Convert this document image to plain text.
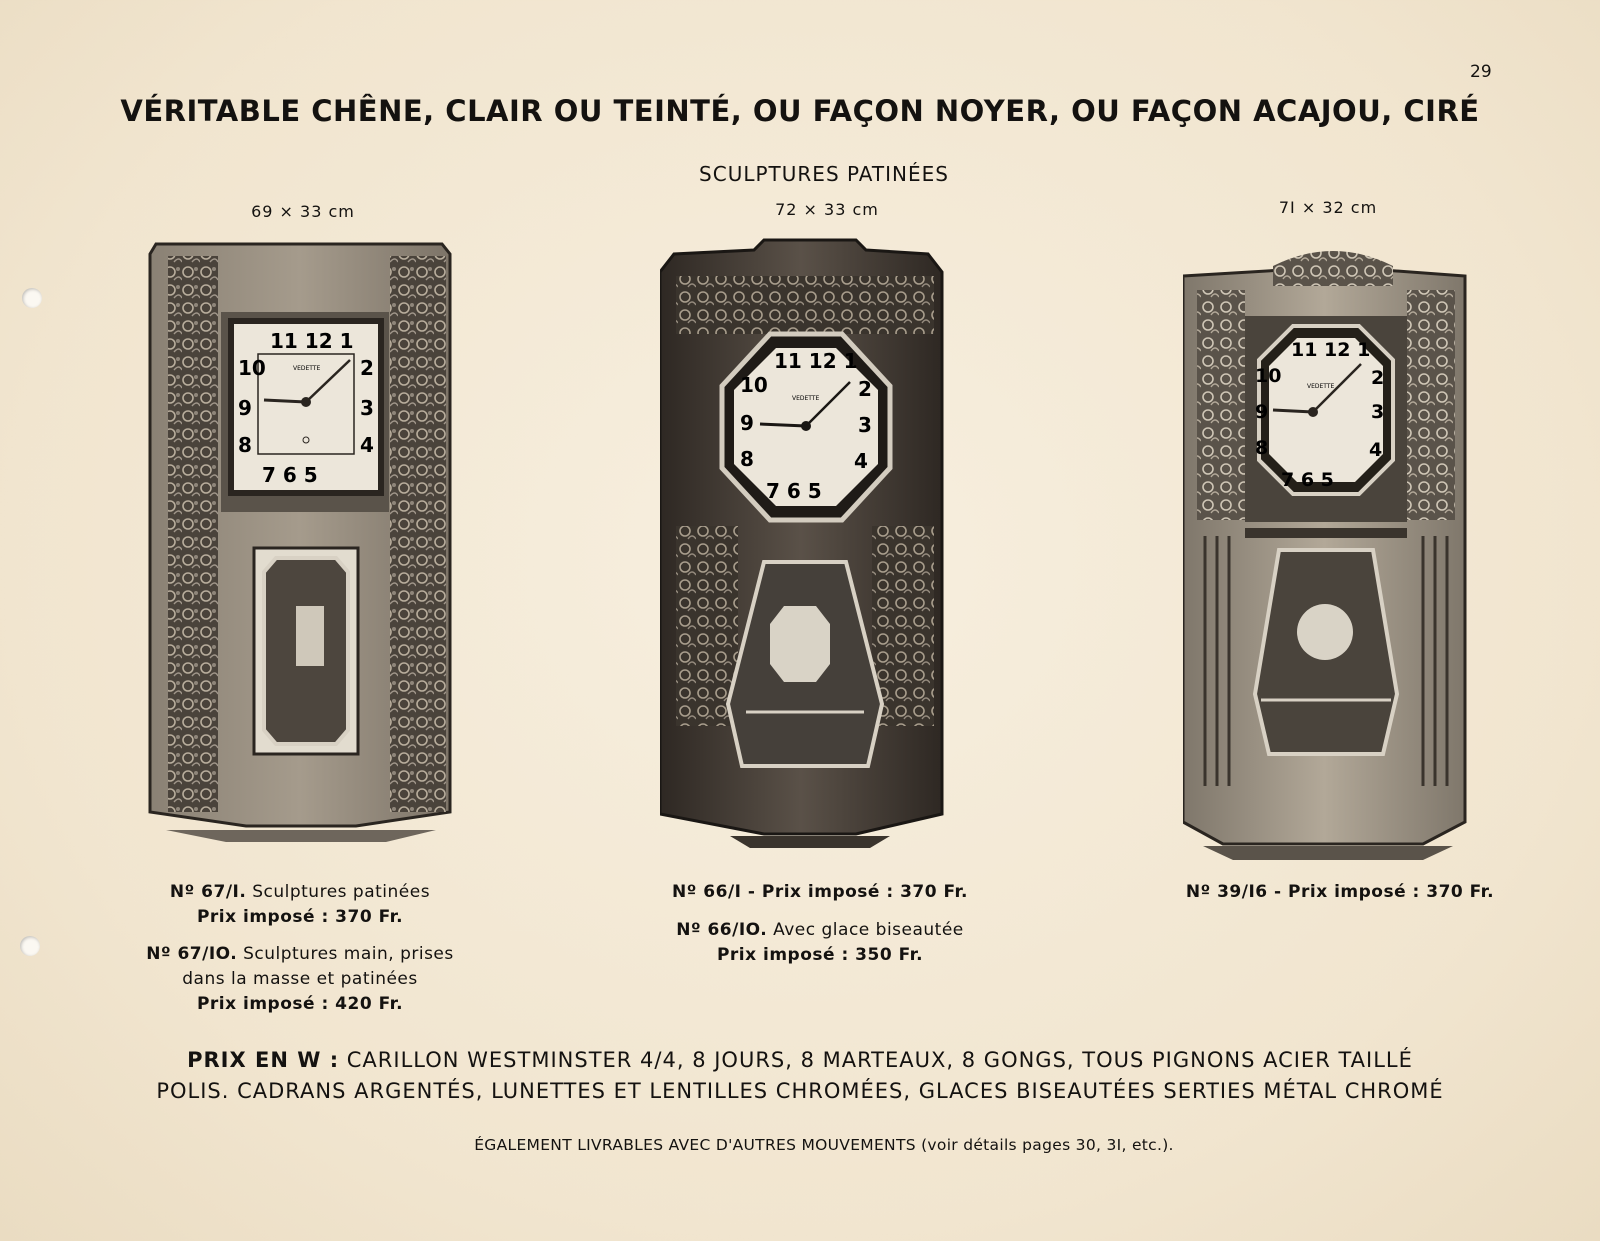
29
VÉRITABLE CHÊNE, CLAIR OU TEINTÉ, OU FAÇON NOYER, OU FAÇON ACAJOU, CIRÉ
SCULPTURES PATINÉES
69 × 33 cm	72 × 33 cm	7I × 32 cm
11 12 1
10
9
8
2
3
4
7 6 5
VEDETTE	11 12 1
10
9
8
2
3
4
7 6 5
VEDETTE
11 12 1
10
9
8
2
3
4
7 6 5
VEDETTE
Nº 67/I. Sculptures patinées
Prix imposé : 370 Fr.
Nº 67/IO. Sculptures main, prises
dans la masse et patinées
Prix imposé : 420 Fr.
Nº 66/I - Prix imposé : 370 Fr.
Nº 66/IO. Avec glace biseautée
Prix imposé : 350 Fr.
Nº 39/I6 - Prix imposé : 370 Fr.
PRIX EN W : CARILLON WESTMINSTER 4/4, 8 JOURS, 8 MARTEAUX, 8 GONGS, TOUS PIGNONS ACIER TAILLÉ
POLIS. CADRANS ARGENTÉS, LUNETTES ET LENTILLES CHROMÉES, GLACES BISEAUTÉES SERTIES MÉTAL CHROMÉ
ÉGALEMENT LIVRABLES AVEC D'AUTRES MOUVEMENTS (voir détails pages 30, 3I, etc.).
